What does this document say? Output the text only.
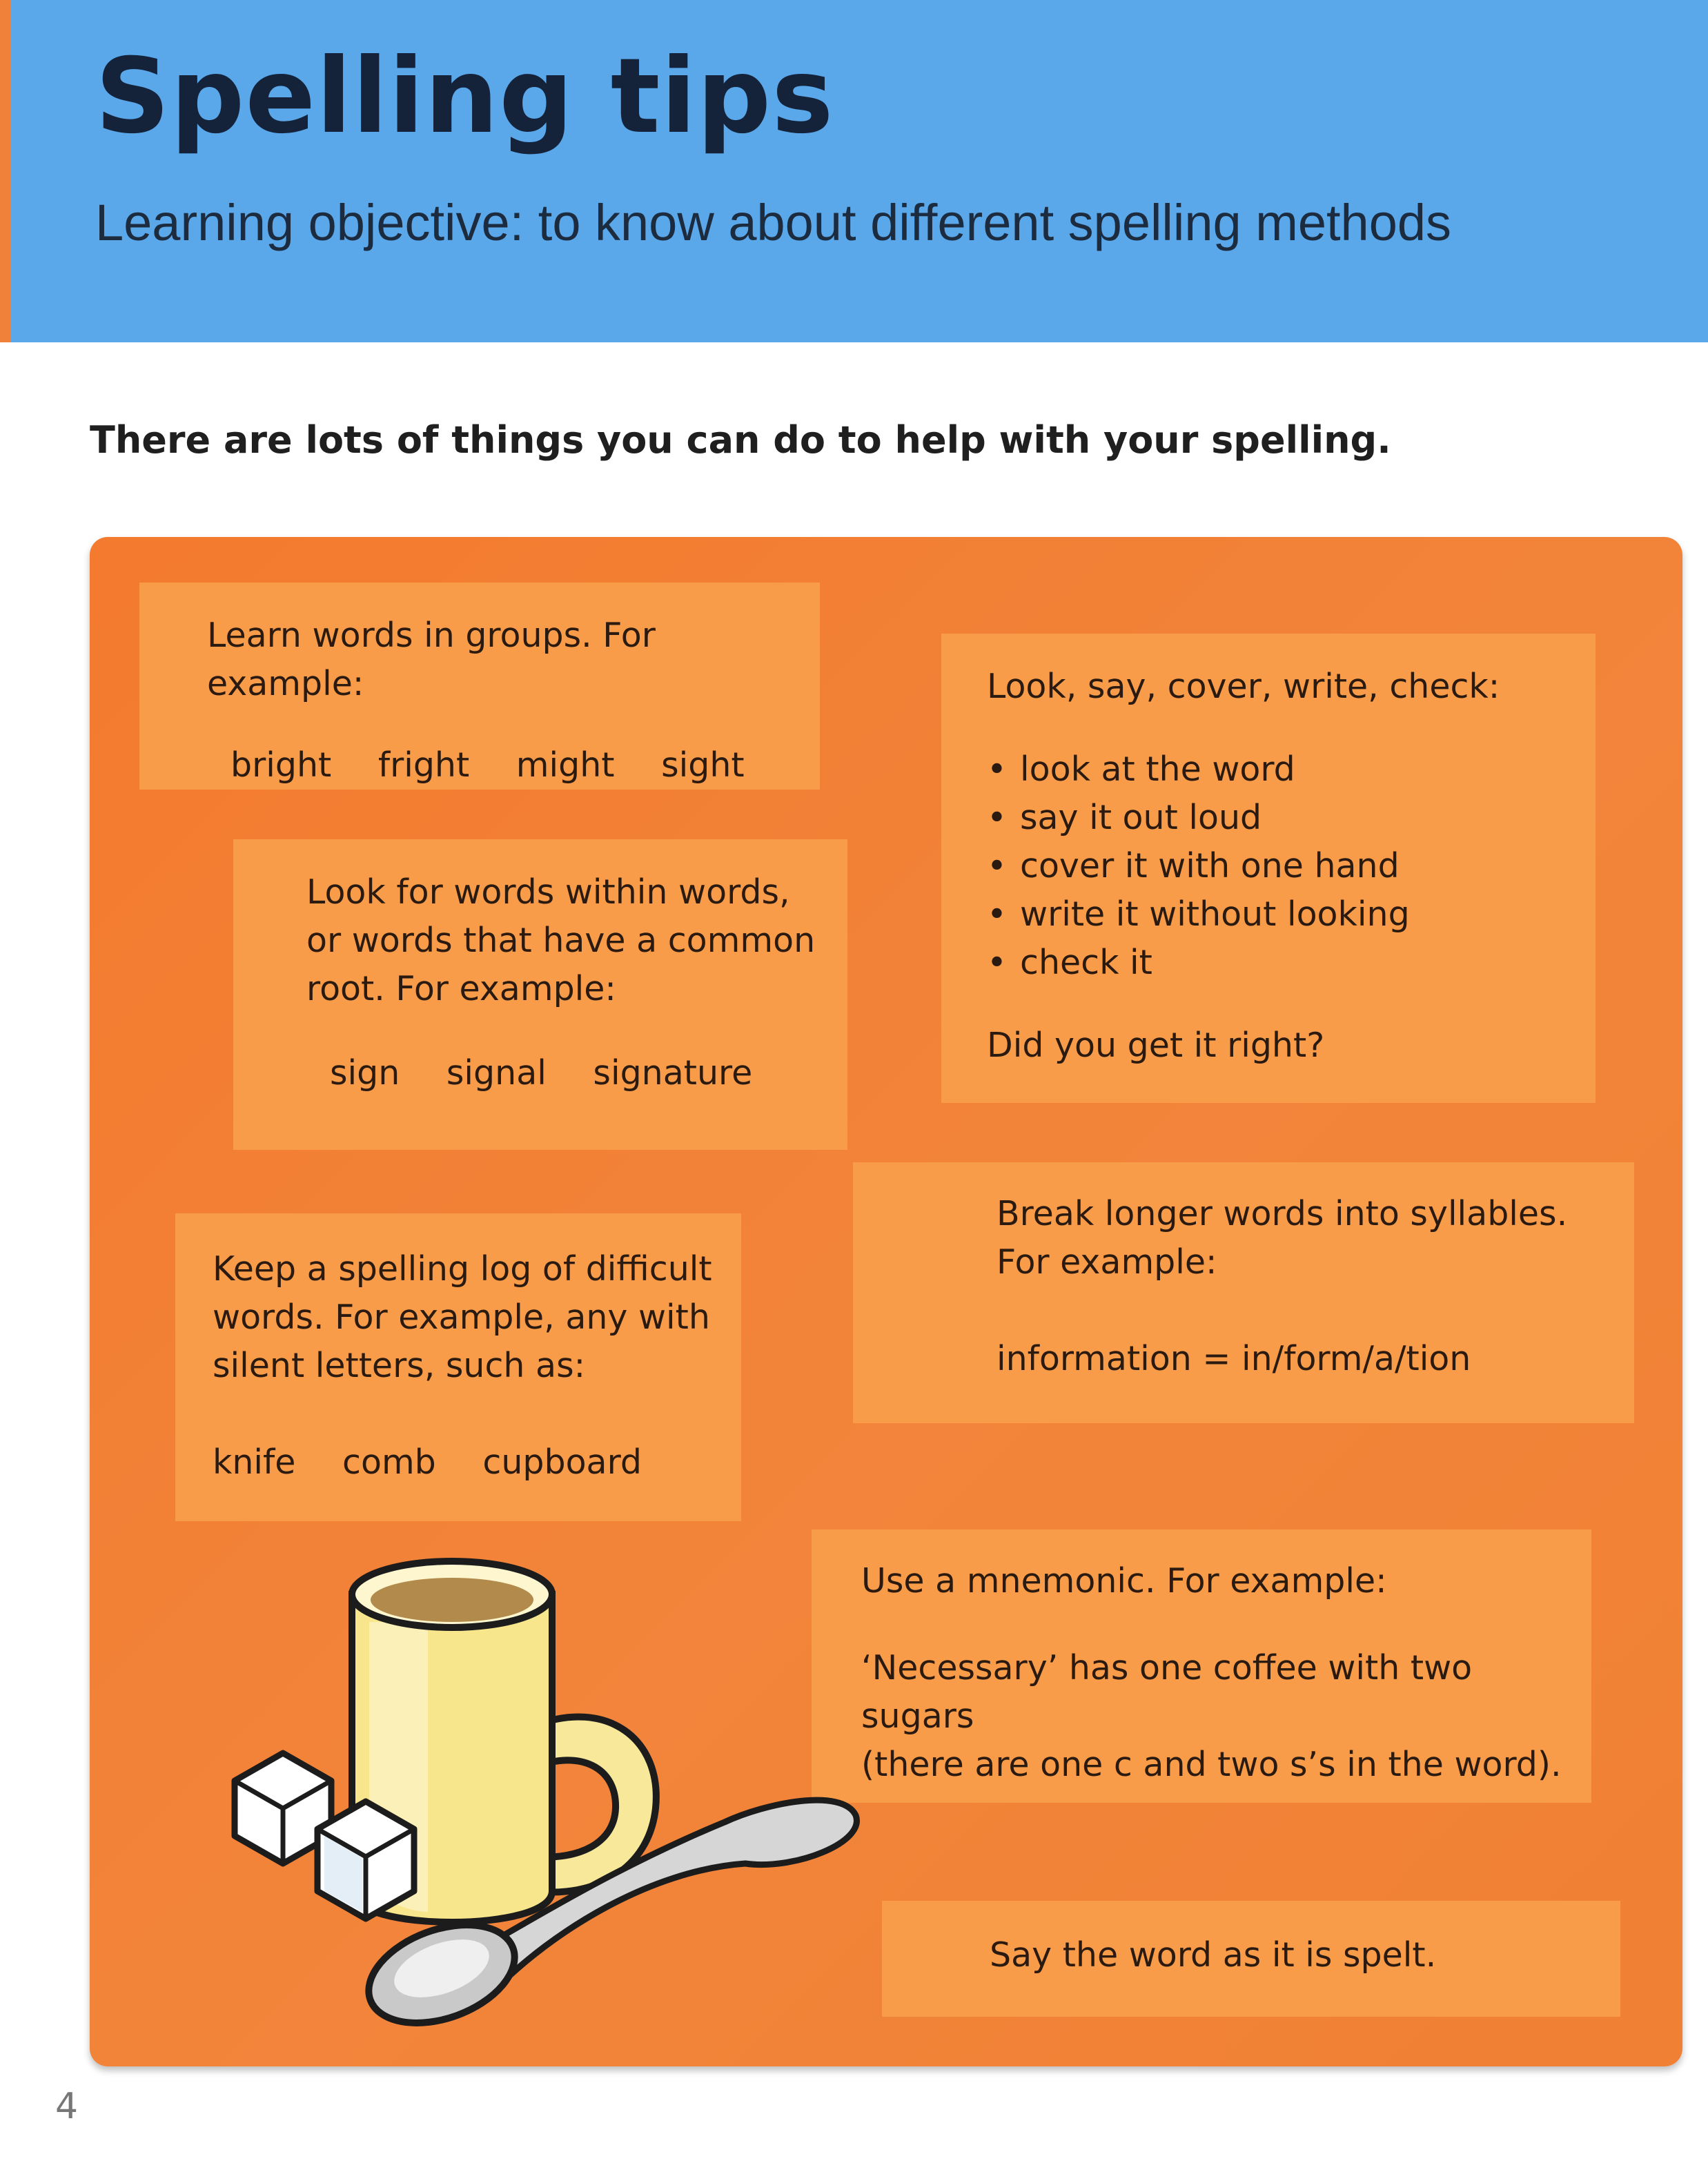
Spelling tips

Learning objective: to know about different spelling methods

There are lots of things you can do to help with your spelling.

Learn words in groups. For example:

bright fright might sight

Look, say, cover, write, check:

• look at the word
• say it out loud
• cover it with one hand
• write it without looking
• check it

Did you get it right?

Look for words within words,

or words that have a common

root. For example:

sign signal signature

Break longer words into syllables.

For example:

information = in/form/a/tion

Keep a spelling log of difficult

words. For example, any with

silent letters, such as:

knife comb cupboard

Use a mnemonic. For example:

‘Necessary’ has one coffee with two sugars

(there are one c and two s’s in the word).

Say the word as it is spelt.

4
